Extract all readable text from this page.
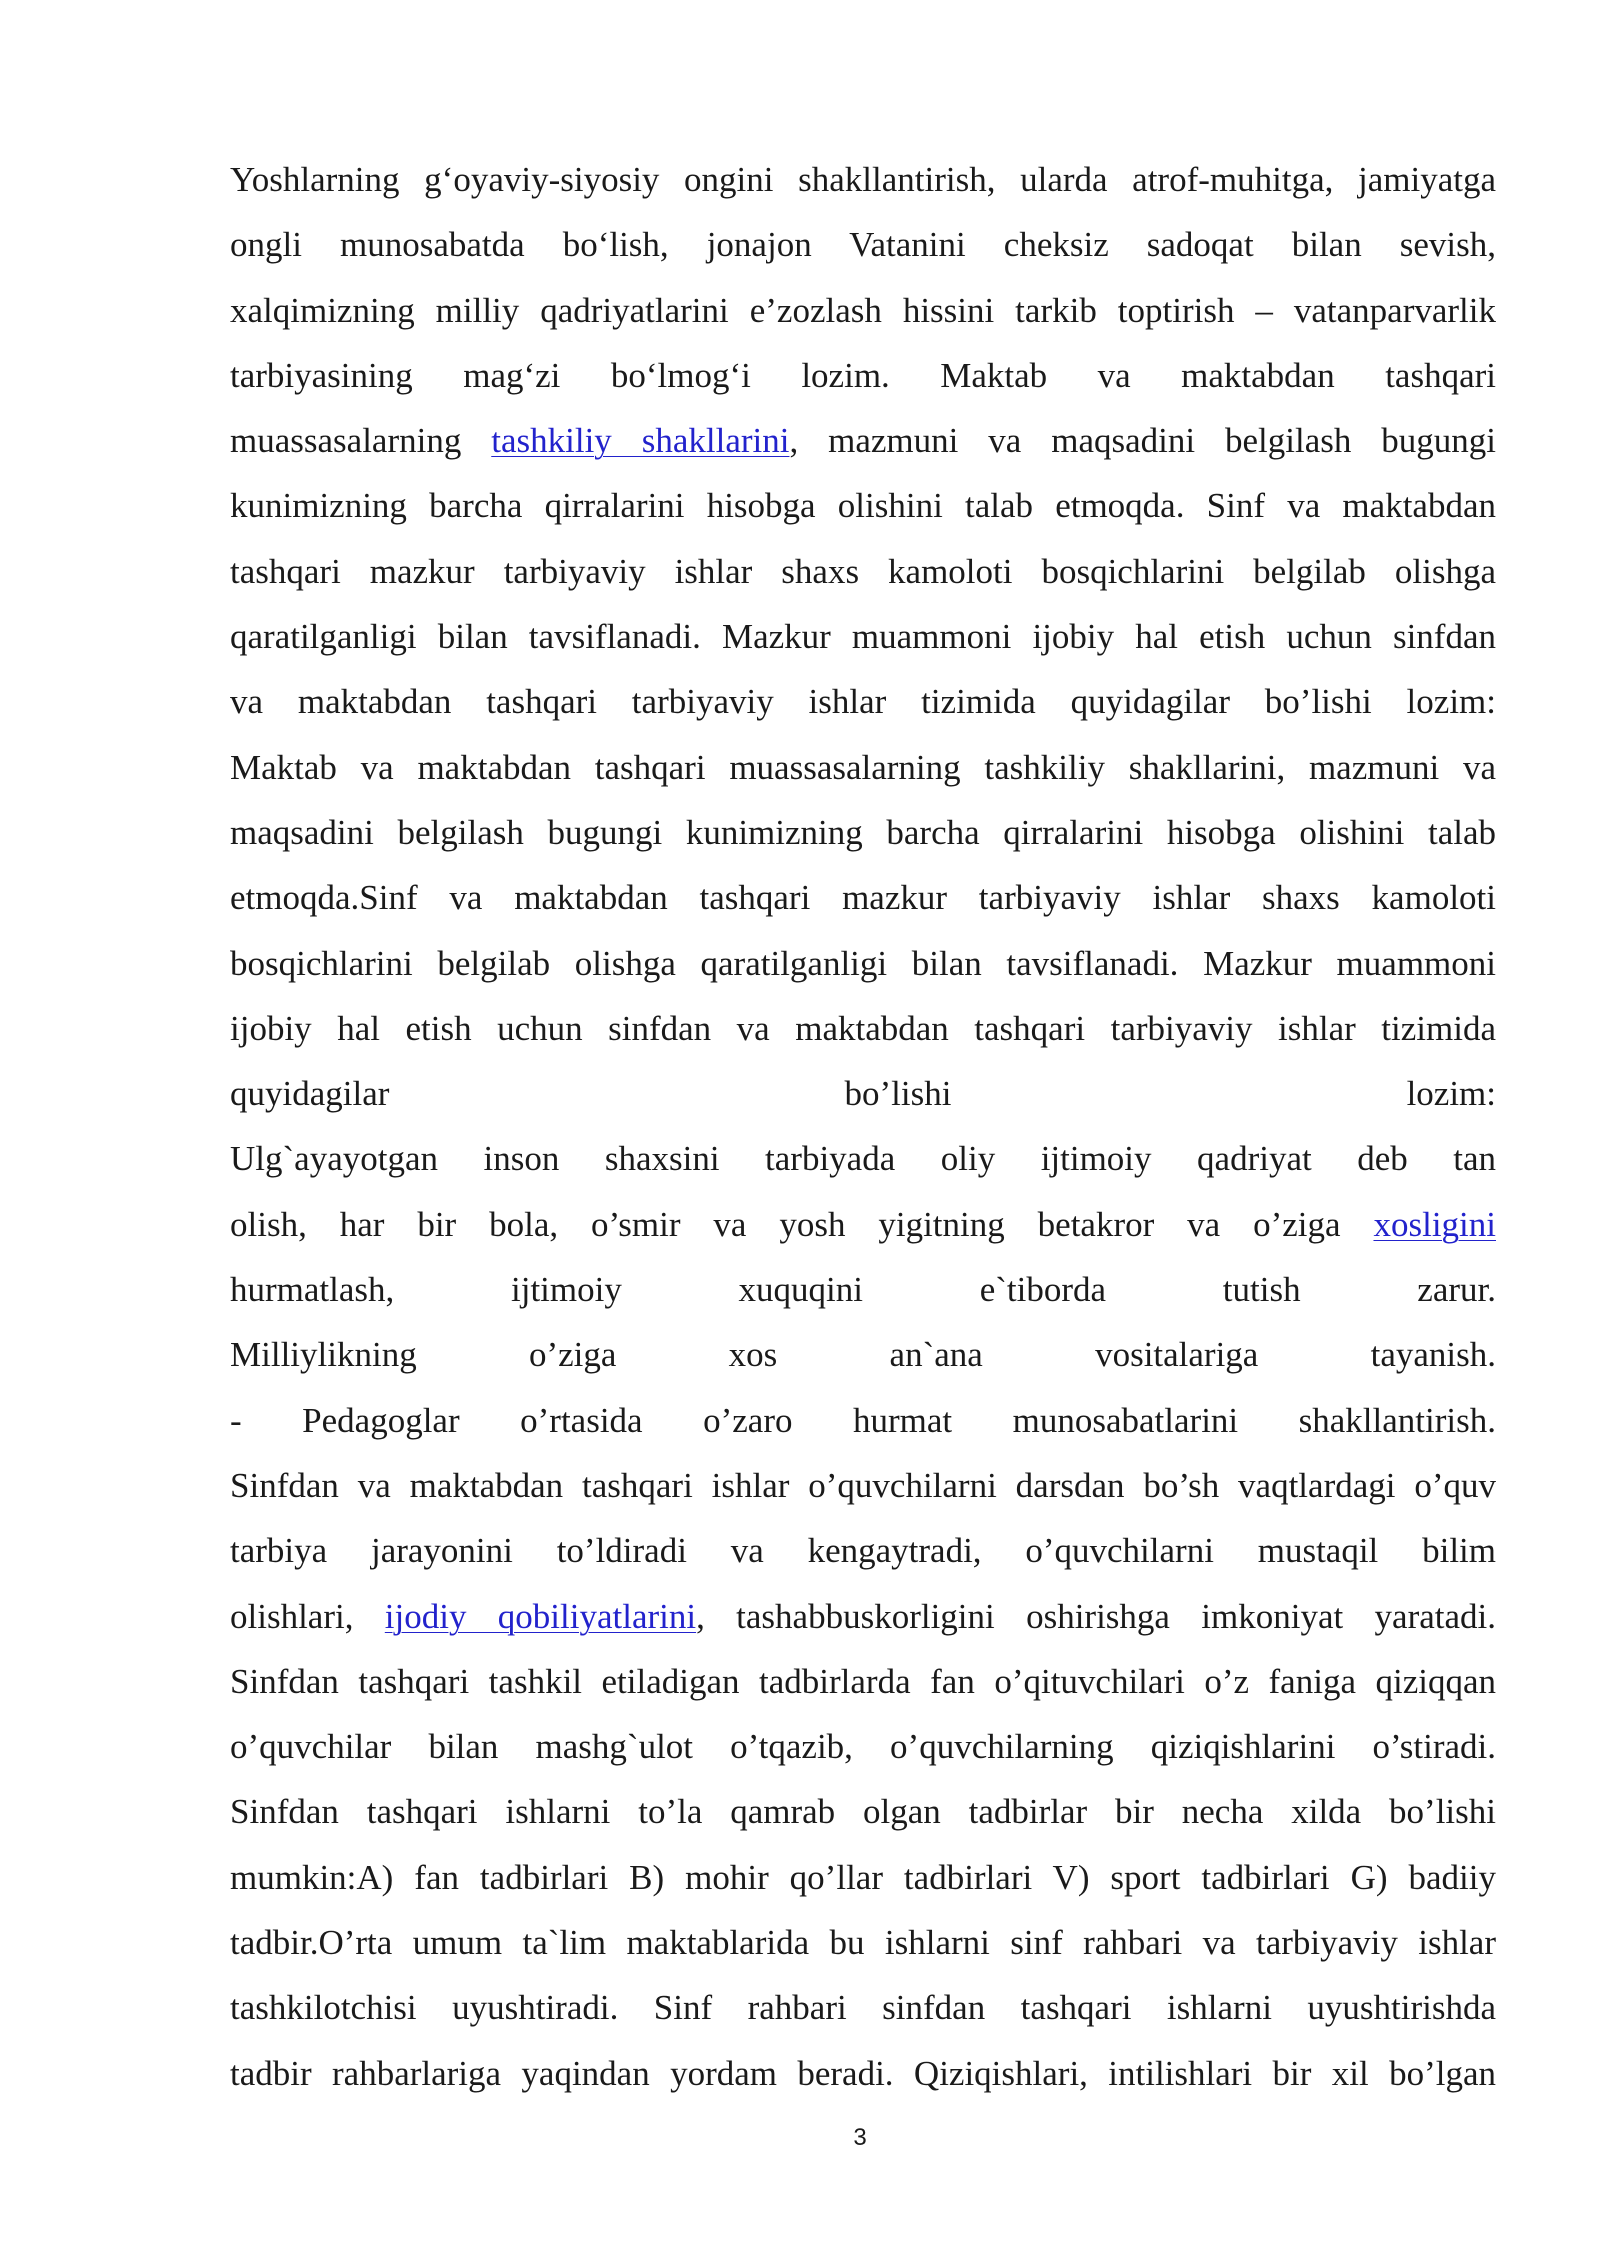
Yoshlarning g‘oyaviy-siyosiy ongini shakllantirish, ularda atrof-muhitga, jamiyatga
ongli munosabatda bo‘lish, jonajon Vatanini cheksiz sadoqat bilan sevish,
xalqimizning milliy qadriyatlarini e’zozlash hissini tarkib toptirish – vatanparvarlik
tarbiyasining mag‘zi bo‘lmog‘i lozim. Maktab va maktabdan tashqari
muassasalarning tashkiliy shakllarini, mazmuni va maqsadini belgilash bugungi
kunimizning barcha qirralarini hisobga olishini talab etmoqda. Sinf va maktabdan
tashqari mazkur tarbiyaviy ishlar shaxs kamoloti bosqichlarini belgilab olishga
qaratilganligi bilan tavsiflanadi. Mazkur muammoni ijobiy hal etish uchun sinfdan
va maktabdan tashqari tarbiyaviy ishlar tizimida quyidagilar bo’lishi lozim:
Maktab va maktabdan tashqari muassasalarning tashkiliy shakllarini, mazmuni va
maqsadini belgilash bugungi kunimizning barcha qirralarini hisobga olishini talab
etmoqda.Sinf va maktabdan tashqari mazkur tarbiyaviy ishlar shaxs kamoloti
bosqichlarini belgilab olishga qaratilganligi bilan tavsiflanadi. Mazkur muammoni
ijobiy hal etish uchun sinfdan va maktabdan tashqari tarbiyaviy ishlar tizimida
quyidagilar bo’lishi lozim:
Ulg`ayayotgan inson shaxsini tarbiyada oliy ijtimoiy qadriyat deb tan
olish, har bir bola, o’smir va yosh yigitning betakror va o’ziga xosligini
hurmatlash, ijtimoiy xuquqini e`tiborda tutish zarur.
Milliylikning o’ziga xos an`ana vositalariga tayanish.
- Pedagoglar o’rtasida o’zaro hurmat munosabatlarini shakllantirish.
Sinfdan va maktabdan tashqari ishlar o’quvchilarni darsdan bo’sh vaqtlardagi o’quv
tarbiya jarayonini to’ldiradi va kengaytradi, o’quvchilarni mustaqil bilim
olishlari, ijodiy qobiliyatlarini, tashabbuskorligini oshirishga imkoniyat yaratadi.
Sinfdan tashqari tashkil etiladigan tadbirlarda fan o’qituvchilari o’z faniga qiziqqan
o’quvchilar bilan mashg`ulot o’tqazib, o’quvchilarning qiziqishlarini o’stiradi.
Sinfdan tashqari ishlarni to’la qamrab olgan tadbirlar bir necha xilda bo’lishi
mumkin:A) fan tadbirlari B) mohir qo’llar tadbirlari V) sport tadbirlari G) badiiy
tadbir.O’rta umum ta`lim maktablarida bu ishlarni sinf rahbari va tarbiyaviy ishlar
tashkilotchisi uyushtiradi. Sinf rahbari sinfdan tashqari ishlarni uyushtirishda
tadbir rahbarlariga yaqindan yordam beradi. Qiziqishlari, intilishlari bir xil bo’lgan
3
